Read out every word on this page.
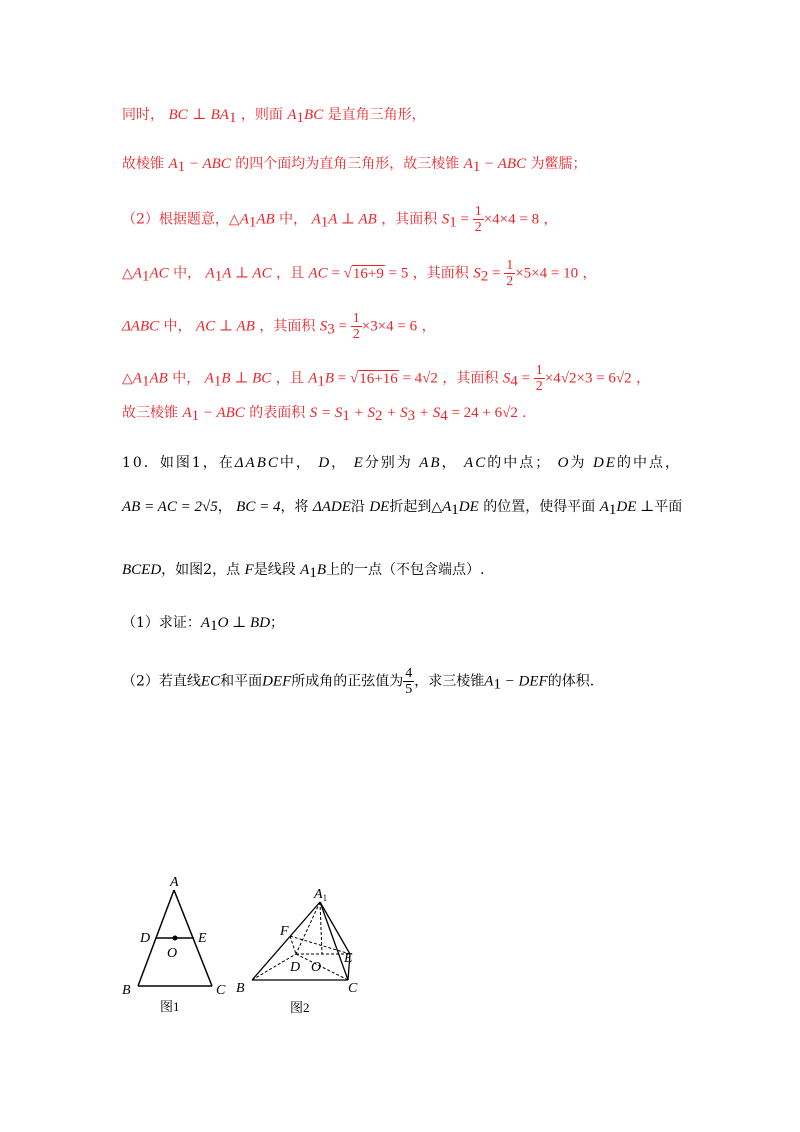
同时， BC ⊥ $BA_1$ ，则面 $A_1BC$ 是直角三角形，
故棱锥 $A_1$ − ABC 的四个面均为直角三角形，故三棱锥 $A_1$ − ABC 为鳖臑；
（2）根据题意，$\triangle A_1AB$ 中， $A_1A$ ⊥ AB ，其面积 $S_1 = \frac{1}{2} \times 4\times 4 = 8$ ，
$\triangle A_1AC$ 中， $A_1A$ ⊥ AC ，且 AC = √16+9 = 5 ，其面积 $S_2 = \frac{1}{2} \times 5\times 4 = 10$ ，
ΔABC 中， AC ⊥ AB ，其面积 $S_3 = \frac{1}{2} \times 3\times 4 = 6$ ，
$\triangle A_1AB$ 中， $A_1B$ ⊥ BC ，且 $A_1B = √16+16 = 4√2$ ，其面积 $S_4 = \frac{1}{2} \times 4√2\times 3 = 6√2$ ，
故三棱锥 $A_1$ − ABC 的表面积 $S = S_1 + S_2 + S_3 + S_4 = 24 + 6√2$ .
10．如图1，在ΔABC中， D， E分别为 AB， AC的中点； O为 DE的中点，
AB = AC = 2√5， BC = 4，将 ΔADE沿 DE折起到$\triangle A_1DE$ 的位置，使得平面 $A_1DE$ ⊥平面
BCED，如图2，点 F是线段 $A_1B$上的一点（不包含端点）.
（1）求证：$A_1O$ ⊥ BD；
（2）若直线EC和平面DEF所成角的正弦值为 $\frac{4}{5}$ ，求三棱锥$A_1$ − DEF的体积.
A
D	E
O
B	C
图1
$A_1$
F
D O
E
B	C
图2
